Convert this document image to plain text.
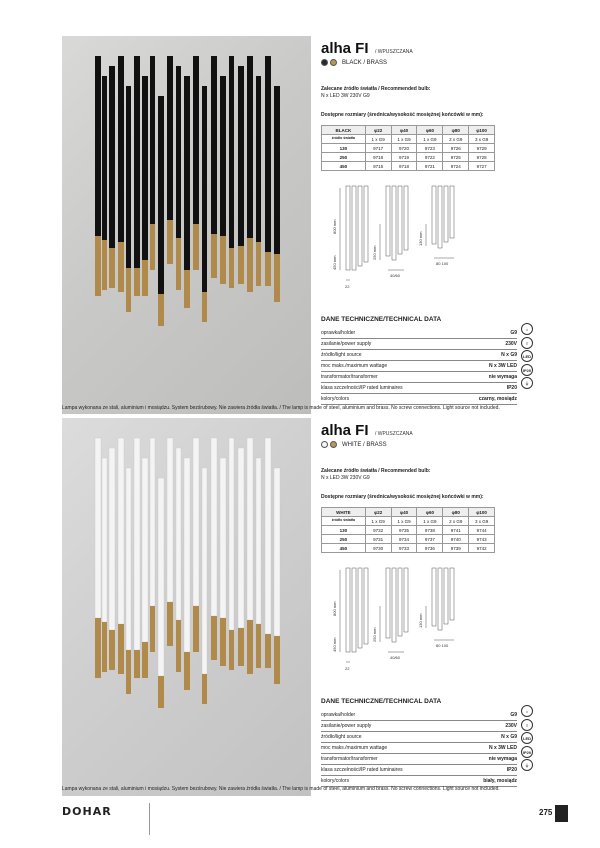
alha FI / WPUSZCZANA
BLACK / BRASS
Zalecane źródło światła / Recommended bulb:
N x LED 3W 230V G9
Dostępne rozmiary (średnica/wysokość mosiężnej końcówki w mm):
BLACK	φ22	φ40	φ60	φ80	φ100
źródło światła	1 x G9	1 x G9	1 x G9	2 x G9	3 x G9
130	9717	9720	9723	9726	9729
250	9718	9719	9722	9725	9728
450	9715	9718	9721	9724	9727
800 mm
450 mm
250 mm
130 mm
22
40/60
80 100
DANE TECHNICZNE/TECHNICAL DATA
oprawka/holder	G9
zasilanie/power supply	230V
źródło/light source	N x G9
moc maks./maximum wattage	N x 3W LED
transformator/transformer	nie wymaga
klasa szczelności/IP rated luminaires	IP20
kolory/colors	czarny, mosiądz
⌂
≡
LED
IP20
⏚
Lampa wykonana ze stali, aluminium i mosiądzu. System bezśrubowy. Nie zawiera źródła światła. / The lamp is made of steel, aluminium and brass. No screw connections. Light source not included.
alha FI / WPUSZCZANA
WHITE / BRASS
Zalecane źródło światła / Recommended bulb:
N x LED 3W 230V G9
Dostępne rozmiary (średnica/wysokość mosiężnej końcówki w mm):
WHITE	φ22	φ40	φ60	φ80	φ100
źródło światła	1 x G9	1 x G9	1 x G9	2 x G9	3 x G9
130	9732	9735	9738	9741	9744
250	9731	9734	9737	9740	9743
450	9730	9733	9736	9739	9742
800 mm
450 mm
250 mm
130 mm
22
40/60
80 100
DANE TECHNICZNE/TECHNICAL DATA
oprawka/holder	G9
zasilanie/power supply	230V
źródło/light source	N x G9
moc maks./maximum wattage	N x 3W LED
transformator/transformer	nie wymaga
klasa szczelności/IP rated luminaires	IP20
kolory/colors	biały, mosiądz
⌂
≡
LED
IP20
⏚
Lampa wykonana ze stali, aluminium i mosiądzu. System bezśrubowy. Nie zawiera źródła światła. / The lamp is made of steel, aluminium and brass. No screw connections. Light source not included.
DOHAR	275
